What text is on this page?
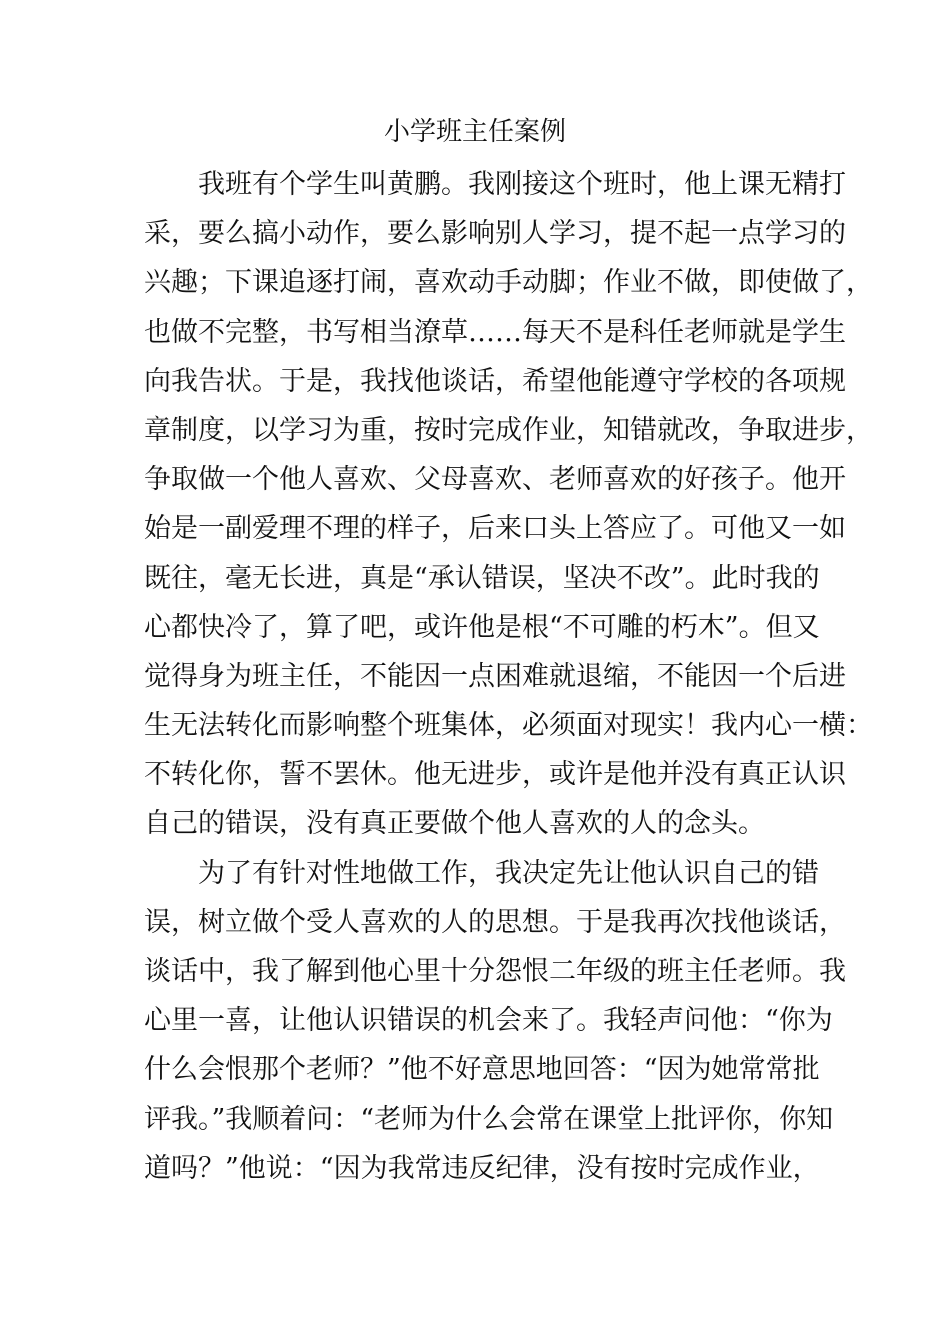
小学班主任案例
我班有个学生叫黄鹏。我刚接这个班时，他上课无精打
采，要么搞小动作，要么影响别人学习，提不起一点学习的
兴趣；下课追逐打闹，喜欢动手动脚；作业不做，即使做了，
也做不完整，书写相当潦草……每天不是科任老师就是学生
向我告状。于是，我找他谈话，希望他能遵守学校的各项规
章制度，以学习为重，按时完成作业，知错就改，争取进步，
争取做一个他人喜欢、父母喜欢、老师喜欢的好孩子。他开
始是一副爱理不理的样子，后来口头上答应了。可他又一如
既往，毫无长进，真是“承认错误，坚决不改”。此时我的
心都快冷了，算了吧，或许他是根“不可雕的朽木”。但又
觉得身为班主任，不能因一点困难就退缩，不能因一个后进
生无法转化而影响整个班集体，必须面对现实！我内心一横：
不转化你，誓不罢休。他无进步，或许是他并没有真正认识
自己的错误，没有真正要做个他人喜欢的人的念头。
为了有针对性地做工作，我决定先让他认识自己的错
误，树立做个受人喜欢的人的思想。于是我再次找他谈话，
谈话中，我了解到他心里十分怨恨二年级的班主任老师。我
心里一喜，让他认识错误的机会来了。我轻声问他：“你为
什么会恨那个老师？”他不好意思地回答：“因为她常常批
评我。”我顺着问：“老师为什么会常在课堂上批评你，你知
道吗？”他说：“因为我常违反纪律，没有按时完成作业，
